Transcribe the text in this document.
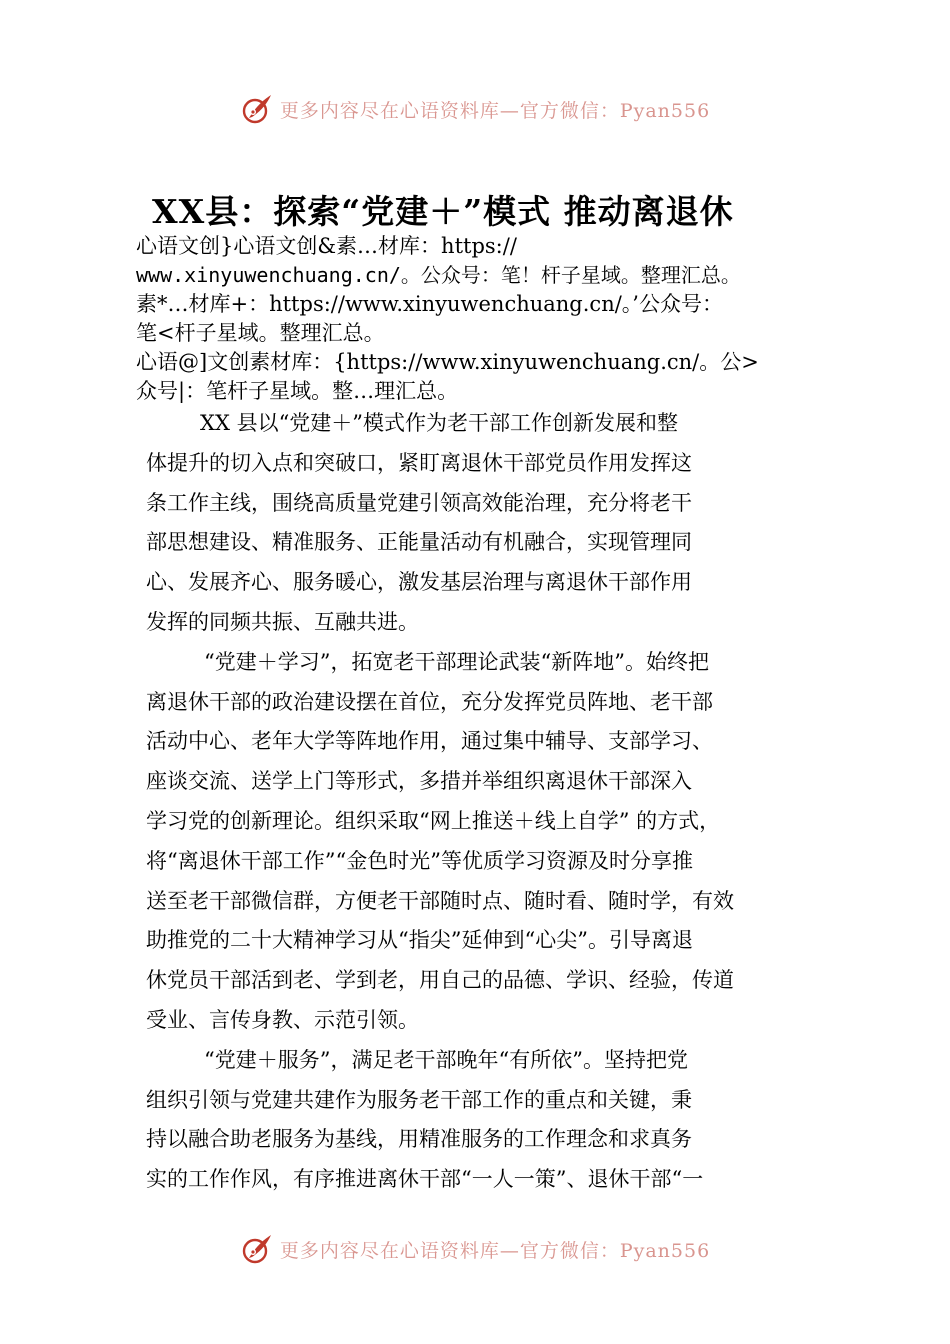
更多内容尽在心语资料库—官方微信：Pyan556
XX县：探索“党建＋”模式 推动离退休

心语文创}心语文创&素…材库：https://

www.xinyuwenchuang.cn/。公众号：笔！杆子星域。整理汇总。

素*…材库+：https://www.xinyuwenchuang.cn/。’公众号：

笔<杆子星域。整理汇总。

心语@]文创素材库：{https://www.xinyuwenchuang.cn/。公>

众号|：笔杆子星域。整…理汇总。

XX 县以“党建＋”模式作为老干部工作创新发展和整
体提升的切入点和突破口，紧盯离退休干部党员作用发挥这
条工作主线，围绕高质量党建引领高效能治理，充分将老干
部思想建设、精准服务、正能量活动有机融合，实现管理同
心、发展齐心、服务暖心，激发基层治理与离退休干部作用
发挥的同频共振、互融共进。

“党建＋学习”，拓宽老干部理论武装“新阵地”。始终把
离退休干部的政治建设摆在首位，充分发挥党员阵地、老干部
活动中心、老年大学等阵地作用，通过集中辅导、支部学习、
座谈交流、送学上门等形式，多措并举组织离退休干部深入
学习党的创新理论。组织采取“网上推送＋线上自学” 的方式，
将“离退休干部工作”“金色时光”等优质学习资源及时分享推
送至老干部微信群，方便老干部随时点、随时看、随时学，有效
助推党的二十大精神学习从“指尖”延伸到“心尖”。引导离退
休党员干部活到老、学到老，用自己的品德、学识、经验，传道
受业、言传身教、示范引领。

“党建＋服务”，满足老干部晚年“有所依”。坚持把党
组织引领与党建共建作为服务老干部工作的重点和关键，秉
持以融合助老服务为基线，用精准服务的工作理念和求真务
实的工作作风，有序推进离休干部“一人一策”、退休干部“一

更多内容尽在心语资料库—官方微信：Pyan556
